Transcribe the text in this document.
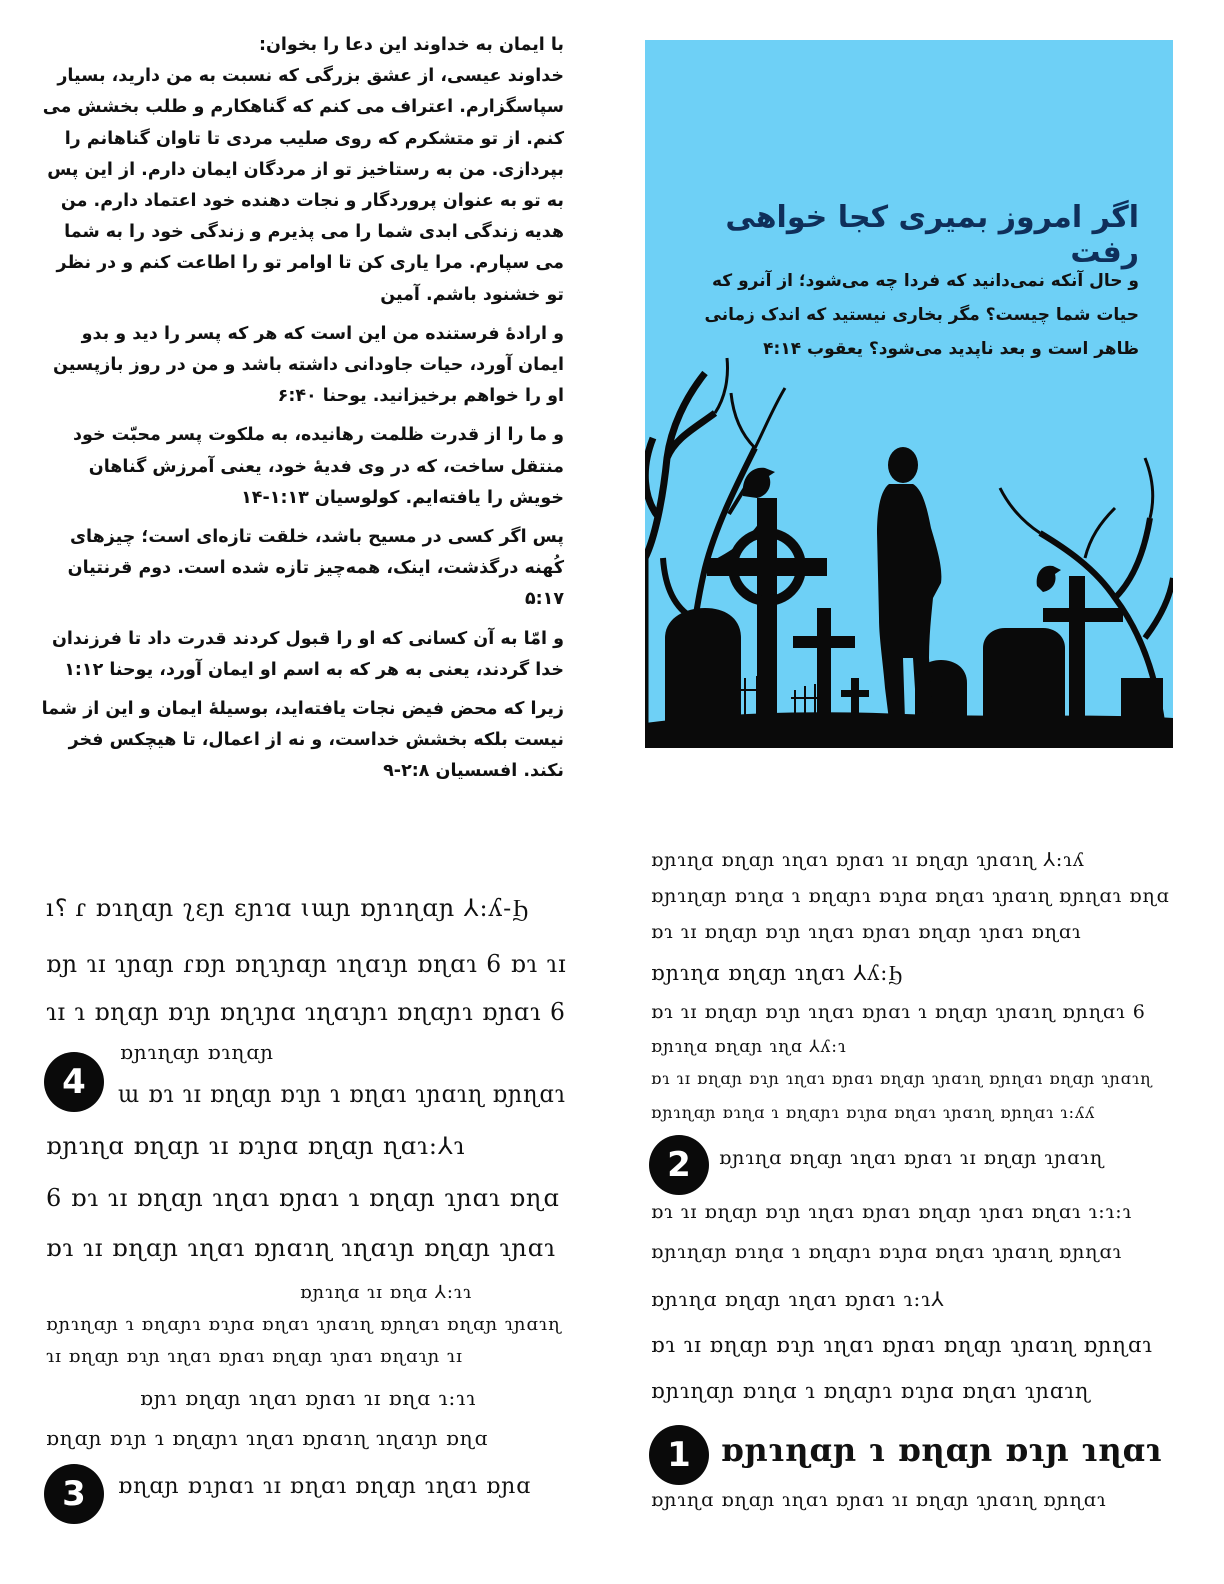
با ایمان به خداوند این دعا را بخوان:

خداوند عیسی، از عشق بزرگی که نسبت به من دارید، بسیار سپاسگزارم. اعتراف می کنم که گناهکارم و طلب بخشش می کنم. از تو متشکرم که روی صلیب مردی تا تاوان گناهانم را بپردازی. من به رستاخیز تو از مردگان ایمان دارم. از این پس به تو به عنوان پروردگار و نجات دهنده خود اعتماد دارم. من هدیه زندگی ابدی شما را می پذیرم و زندگی خود را به شما می سپارم. مرا یاری کن تا اوامر تو را اطاعت کنم و در نظر تو خشنود باشم. آمین

و ارادهٔ فرستنده من این است که هر که پسر را دید و بدو ایمان آورد، حیات جاودانی داشته باشد و من در روز بازپسین او را خواهم برخیزانید. یوحنا ۶:۴۰

و ما را از قدرت ظلمت رهانیده، به ملکوت پسر محبّت خود منتقل ساخت، که در وی فدیهٔ خود، یعنی آمرزش گناهان خویش را یافته‌ایم. کولوسیان ۱:۱۳-۱۴

پس اگر کسی در مسیح باشد، خلقت تازه‌ای است؛ چیزهای کُهنه درگذشت، اینک، همه‌چیز تازه شده است. دوم قرنتیان ۵:۱۷

و امّا به آن کسانی که او را قبول کردند قدرت داد تا فرزندان خدا گردند، یعنی به هر که به اسم او ایمان آورد، یوحنا ۱:۱۲

زیرا که محض فیض نجات یافته‌اید، بوسیلهٔ ایمان و این از شما نیست بلکه بخشش خداست، و نه از اعمال، تا هیچکس فخر نکند. افسسیان ۲:۸-۹

اگر امروز بمیری کجا خواهی رفت

و حال آنکه نمی‌دانید که فردا چه می‌شود؛ از آنرو که حیات شما چیست؟ مگر بخاری نیستید که اندک زمانی ظاهر است و بعد ناپدید می‌شود؟ یعقوب ۴:۱۴

ı؟ ɾ ɒɿɳɑɲ ʅɛɲ ɛɲɿɑ ɩɯɲ ɒɲɿɳɑɲ ⅄:ʎ-Ϧ
ɒɲ ɿɪ ɿɲɑɲ ɾɒɲ ɒɳɿɲɑɲ ɿɳɑɿɲ ɒɳɑɿ 6 ɒɿ ɿɪ
ɿɪ ɿ ɒɳɑɲ ɒɿɲ ɒɳɿɲɑ ɿɳɑɿɲɿ ɒɳɑɲɿ ɒɲɑɿ 6
ɒɲɿɳɑɲ ɒɿɳɑɲ
ɯ ɒɿ ɿɪ ɒɳɑɲ ɒɿɲ ɿ ɒɳɑɿ ɿɲɑɿɳ ɒɲɳɑɿ
ɒɲɿɳɑ ɒɳɑɲ ɿɪ ɒɿɲɑ ɒɳɑɲ ɳɑɿ:⅄ɿ
6 ɒɿ ɿɪ ɒɳɑɲ ɿɳɑɿ ɒɲɑɿ ɿ ɒɳɑɲ ɿɲɑɿ ɒɳɑ
ɒɿ ɿɪ ɒɳɑɲ ɿɳɑɿ ɒɲɑɿɳ ɿɳɑɿɲ ɒɳɑɲ ɿɲɑɿ
ɒɲɿɳɑ ɿɪ ɒɳɑ ⅄:ɿɿ
ɒɲɿɳɑɲ ɿ ɒɳɑɲɿ ɒɿɲɑ ɒɳɑɿ ɿɲɑɿɳ ɒɲɳɑɿ ɒɳɑɲ ɿɲɑɿɳ
ɿɪ ɒɳɑɲ ɒɿɲ ɿɳɑɿ ɒɲɑɿ ɒɳɑɲ ɿɲɑɿ ɒɳɑɿɲ ɿɪ
ɒɲɿ ɒɳɑɲ ɿɳɑɿ ɒɲɑɿ ɿɪ ɒɳɑ ɿ:ɿɿ
ɒɳɑɲ ɒɿɲ ɿ ɒɳɑɲɿ ɿɳɑɿ ɒɲɑɿɳ ɿɳɑɿɲ ɒɳɑ
ɒɳɑɲ ɒɿɲɑɿ ɿɪ ɒɳɑɿ ɒɳɑɲ ɿɳɑɿ ɒɲɑ
4
3
ɒɲɿɳɑ ɒɳɑɲ ɿɳɑɿ ɒɲɑɿ ɿɪ ɒɳɑɲ ɿɲɑɿɳ ⅄:ɿʎ
ɒɲɿɳɑɲ ɒɿɳɑ ɿ ɒɳɑɲɿ ɒɿɲɑ ɒɳɑɿ ɿɲɑɿɳ ɒɲɳɑɿ ɒɳɑ
ɒɿ ɿɪ ɒɳɑɲ ɒɿɲ ɿɳɑɿ ɒɲɑɿ ɒɳɑɲ ɿɲɑɿ ɒɳɑɿ
ɒɲɿɳɑ ɒɳɑɲ ɿɳɑɿ ⅄ʎ:Ϧ
ɒɿ ɿɪ ɒɳɑɲ ɒɿɲ ɿɳɑɿ ɒɲɑɿ ɿ ɒɳɑɲ ɿɲɑɿɳ ɒɲɳɑɿ 6
ɒɲɿɳɑ ɒɳɑɲ ɿɳɑ ⅄ʎ:ɿ
ɒɿ ɿɪ ɒɳɑɲ ɒɿɲ ɿɳɑɿ ɒɲɑɿ ɒɳɑɲ ɿɲɑɿɳ ɒɲɳɑɿ ɒɳɑɲ ɿɲɑɿɳ
ɒɲɿɳɑɲ ɒɿɳɑ ɿ ɒɳɑɲɿ ɒɿɲɑ ɒɳɑɿ ɿɲɑɿɳ ɒɲɳɑɿ ɿ:ʎʎ
ɒɲɿɳɑ ɒɳɑɲ ɿɳɑɿ ɒɲɑɿ ɿɪ ɒɳɑɲ ɿɲɑɿɳ
ɒɿ ɿɪ ɒɳɑɲ ɒɿɲ ɿɳɑɿ ɒɲɑɿ ɒɳɑɲ ɿɲɑɿ ɒɳɑɿ ɿ:ɿ:ɿ
ɒɲɿɳɑɲ ɒɿɳɑ ɿ ɒɳɑɲɿ ɒɿɲɑ ɒɳɑɿ ɿɲɑɿɳ ɒɲɳɑɿ
ɒɲɿɳɑ ɒɳɑɲ ɿɳɑɿ ɒɲɑɿ ɿ:ɿ⅄
ɒɿ ɿɪ ɒɳɑɲ ɒɿɲ ɿɳɑɿ ɒɲɑɿ ɒɳɑɲ ɿɲɑɿɳ ɒɲɳɑɿ
ɒɲɿɳɑɲ ɒɿɳɑ ɿ ɒɳɑɲɿ ɒɿɲɑ ɒɳɑɿ ɿɲɑɿɳ
ɒɲɿɳɑɲ ɿ ɒɳɑɲ ɒɿɲ ɿɳɑɿ
ɒɲɿɳɑ ɒɳɑɲ ɿɳɑɿ ɒɲɑɿ ɿɪ ɒɳɑɲ ɿɲɑɿɳ ɒɲɳɑɿ
2
1
